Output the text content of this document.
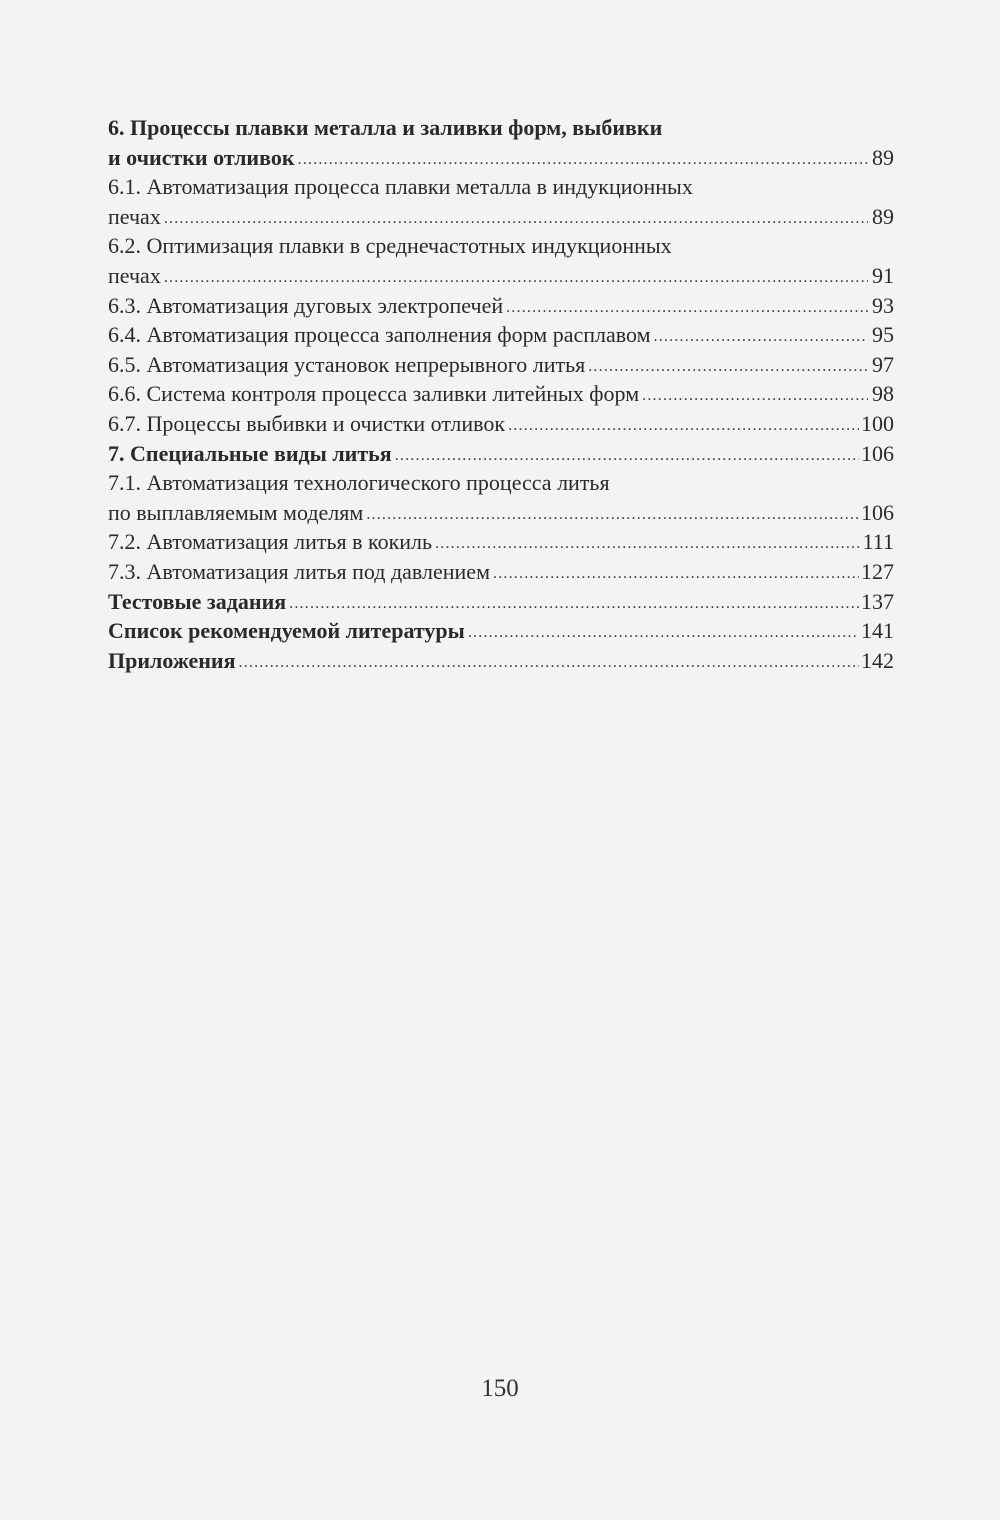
6. Процессы плавки металла и заливки форм, выбивки
и очистки отливок .....	89
6.1. Автоматизация процесса плавки металла в индукционных
печах .....	89
6.2. Оптимизация плавки в среднечастотных индукционных
печах .....	91
6.3. Автоматизация дуговых электропечей .....	93
6.4. Автоматизация процесса заполнения форм расплавом .....	95
6.5. Автоматизация установок непрерывного литья .....	97
6.6. Система контроля процесса заливки литейных форм .....	98
6.7. Процессы выбивки и очистки отливок .....	100
7. Специальные виды литья .....	106
7.1. Автоматизация технологического процесса литья
по выплавляемым моделям .....	106
7.2. Автоматизация литья в кокиль .....	111
7.3. Автоматизация литья под давлением .....	127
Тестовые задания .....	137
Список рекомендуемой литературы .....	141
Приложения .....	142
150
